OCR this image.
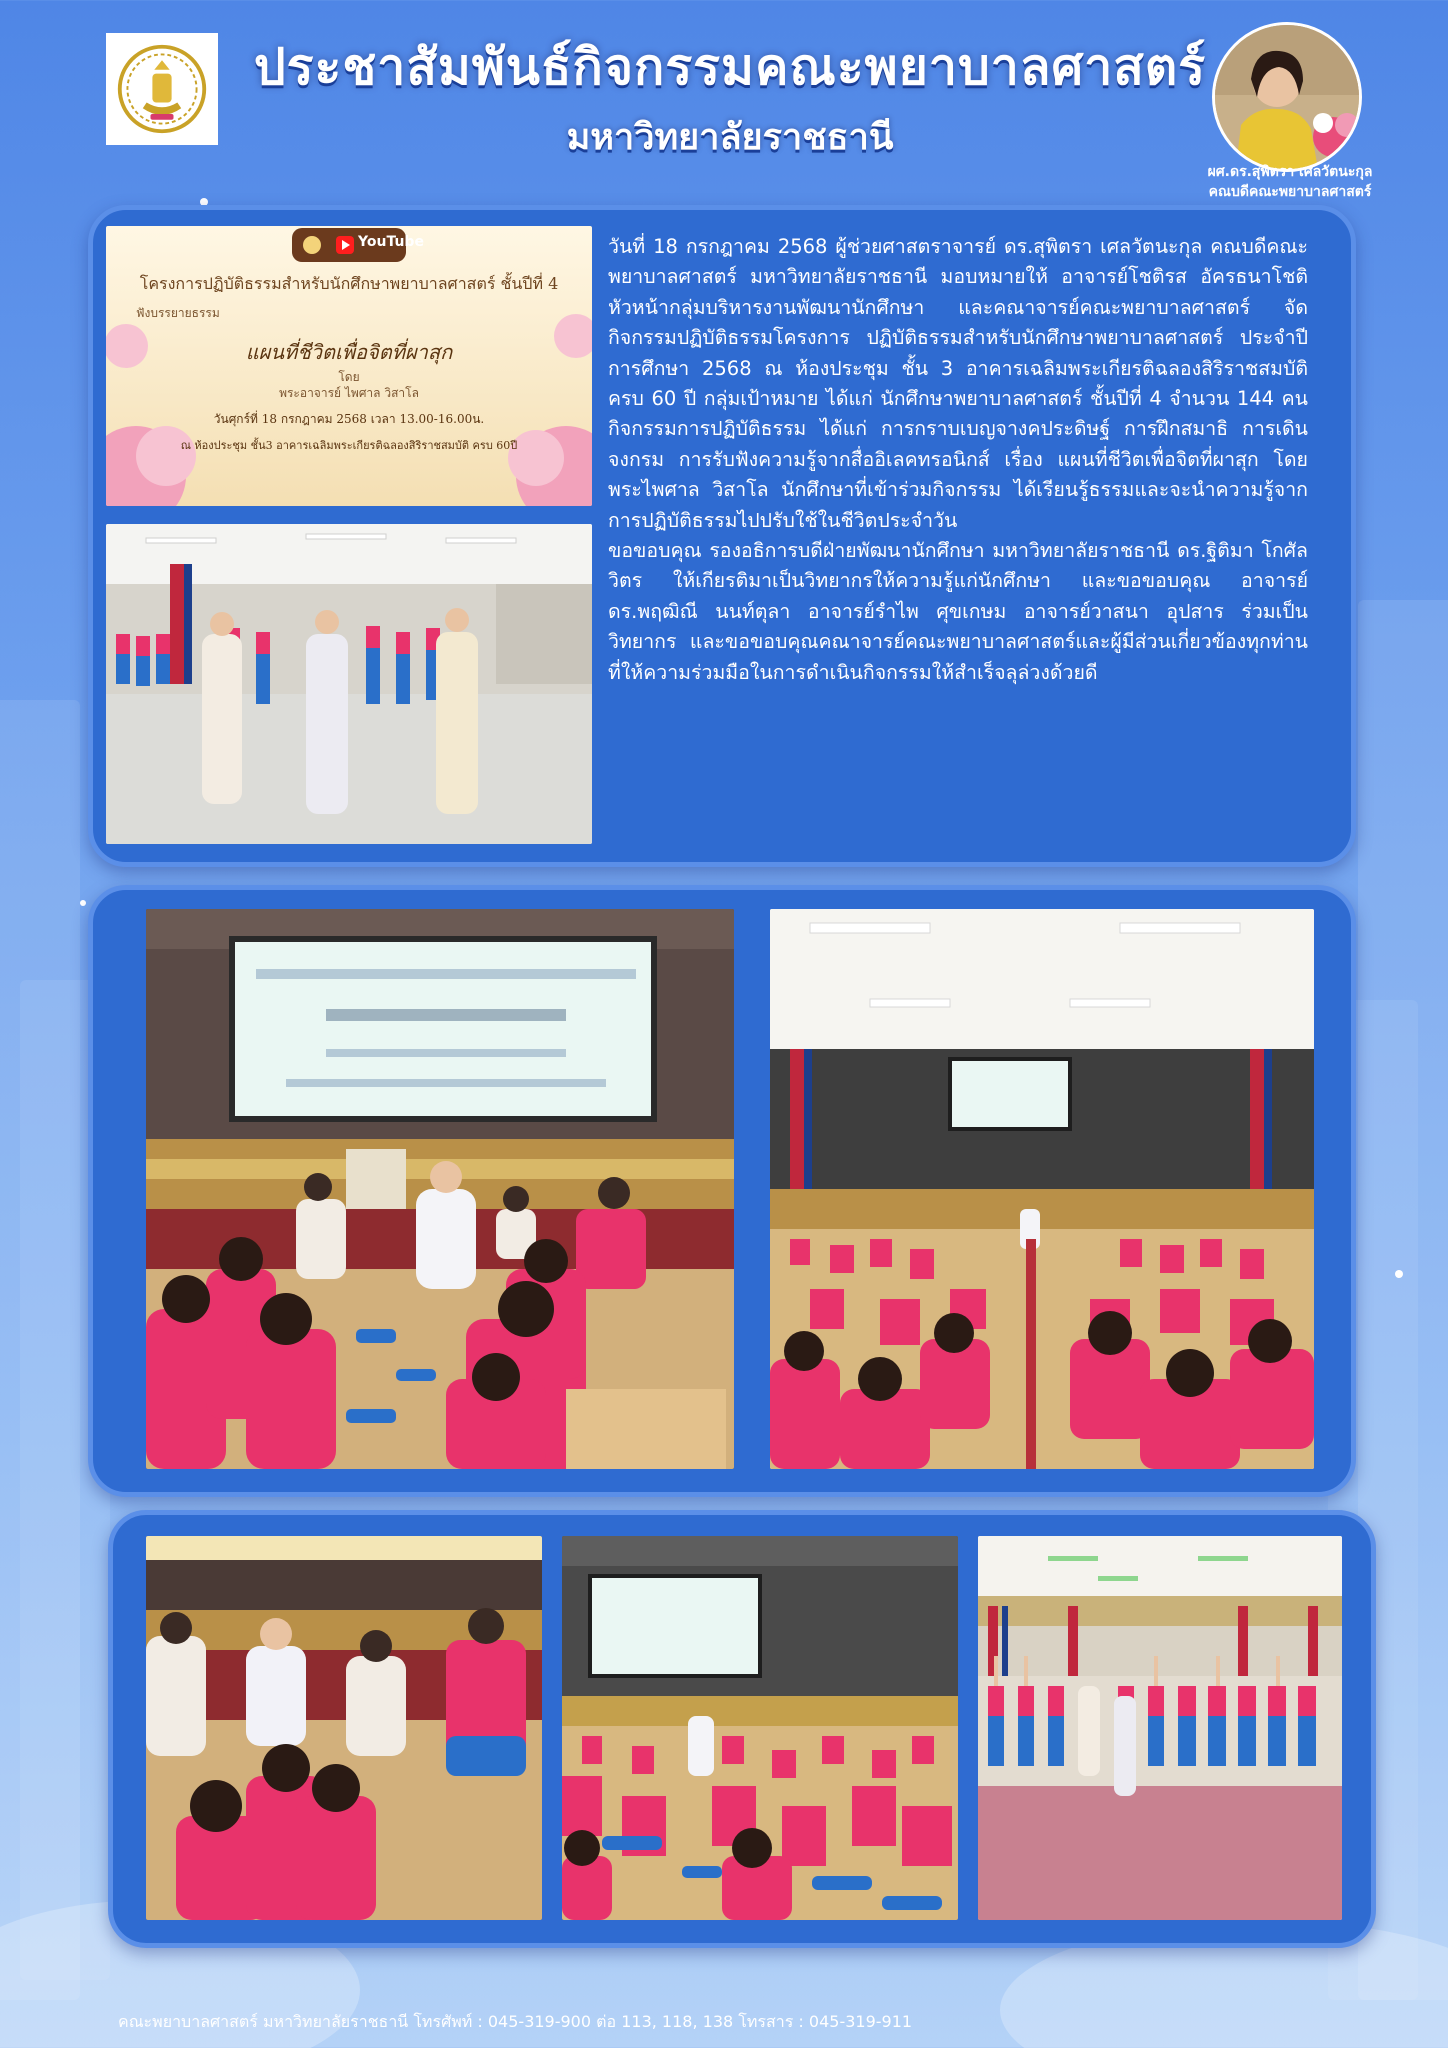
ประชาสัมพันธ์กิจกรรมคณะพยาบาลศาสตร์
มหาวิทยาลัยราชธานี
ผศ.ดร.สุพิตรา เศลวัตนะกุล
คณบดีคณะพยาบาลศาสตร์
YouTube
โครงการปฏิบัติธรรมสำหรับนักศึกษาพยาบาลศาสตร์ ชั้นปีที่ 4
ฟังบรรยายธรรม
แผนที่ชีวิตเพื่อจิตที่ผาสุก
โดย
พระอาจารย์ ไพศาล วิสาโล
วันศุกร์ที่ 18 กรกฎาคม 2568 เวลา 13.00-16.00น.
ณ ห้องประชุม ชั้น3 อาคารเฉลิมพระเกียรติฉลองสิริราชสมบัติ ครบ 60ปี

วันที่ 18 กรกฎาคม 2568 ผู้ช่วยศาสตราจารย์ ดร.สุพิตรา เศลวัตนะกุล คณบดีคณะพยาบาลศาสตร์ มหาวิทยาลัยราชธานี มอบหมายให้ อาจารย์โชติรส อัครธนาโชติ หัวหน้ากลุ่มบริหารงานพัฒนานักศึกษา และคณาจารย์คณะพยาบาลศาสตร์ จัดกิจกรรมปฏิบัติธรรมโครงการ ปฏิบัติธรรมสำหรับนักศึกษาพยาบาลศาสตร์ ประจำปีการศึกษา 2568 ณ ห้องประชุม ชั้น 3 อาคารเฉลิมพระเกียรติฉลองสิริราชสมบัติ ครบ 60 ปี กลุ่มเป้าหมาย ได้แก่ นักศึกษาพยาบาลศาสตร์ ชั้นปีที่ 4 จำนวน 144 คน กิจกรรมการปฏิบัติธรรม ได้แก่ การกราบเบญจางคประดิษฐ์ การฝึกสมาธิ การเดินจงกรม การรับฟังความรู้จากสื่ออิเลคทรอนิกส์ เรื่อง แผนที่ชีวิตเพื่อจิตที่ผาสุก โดย พระไพศาล วิสาโล นักศึกษาที่เข้าร่วมกิจกรรม ได้เรียนรู้ธรรมและจะนำความรู้จากการปฏิบัติธรรมไปปรับใช้ในชีวิตประจำวัน

ขอขอบคุณ รองอธิการบดีฝ่ายพัฒนานักศึกษา มหาวิทยาลัยราชธานี ดร.ฐิติมา โกศัลวิตร ให้เกียรติมาเป็นวิทยากรให้ความรู้แก่นักศึกษา และขอขอบคุณ อาจารย์ ดร.พฤฒิณี นนท์ตุลา อาจารย์รำไพ ศุขเกษม อาจารย์วาสนา อุปสาร ร่วมเป็นวิทยากร และขอขอบคุณคณาจารย์คณะพยาบาลศาสตร์และผู้มีส่วนเกี่ยวข้องทุกท่านที่ให้ความร่วมมือในการดำเนินกิจกรรมให้สำเร็จลุล่วงด้วยดี

คณะพยาบาลศาสตร์ มหาวิทยาลัยราชธานี โทรศัพท์ : 045-319-900 ต่อ 113, 118, 138 โทรสาร : 045-319-911
